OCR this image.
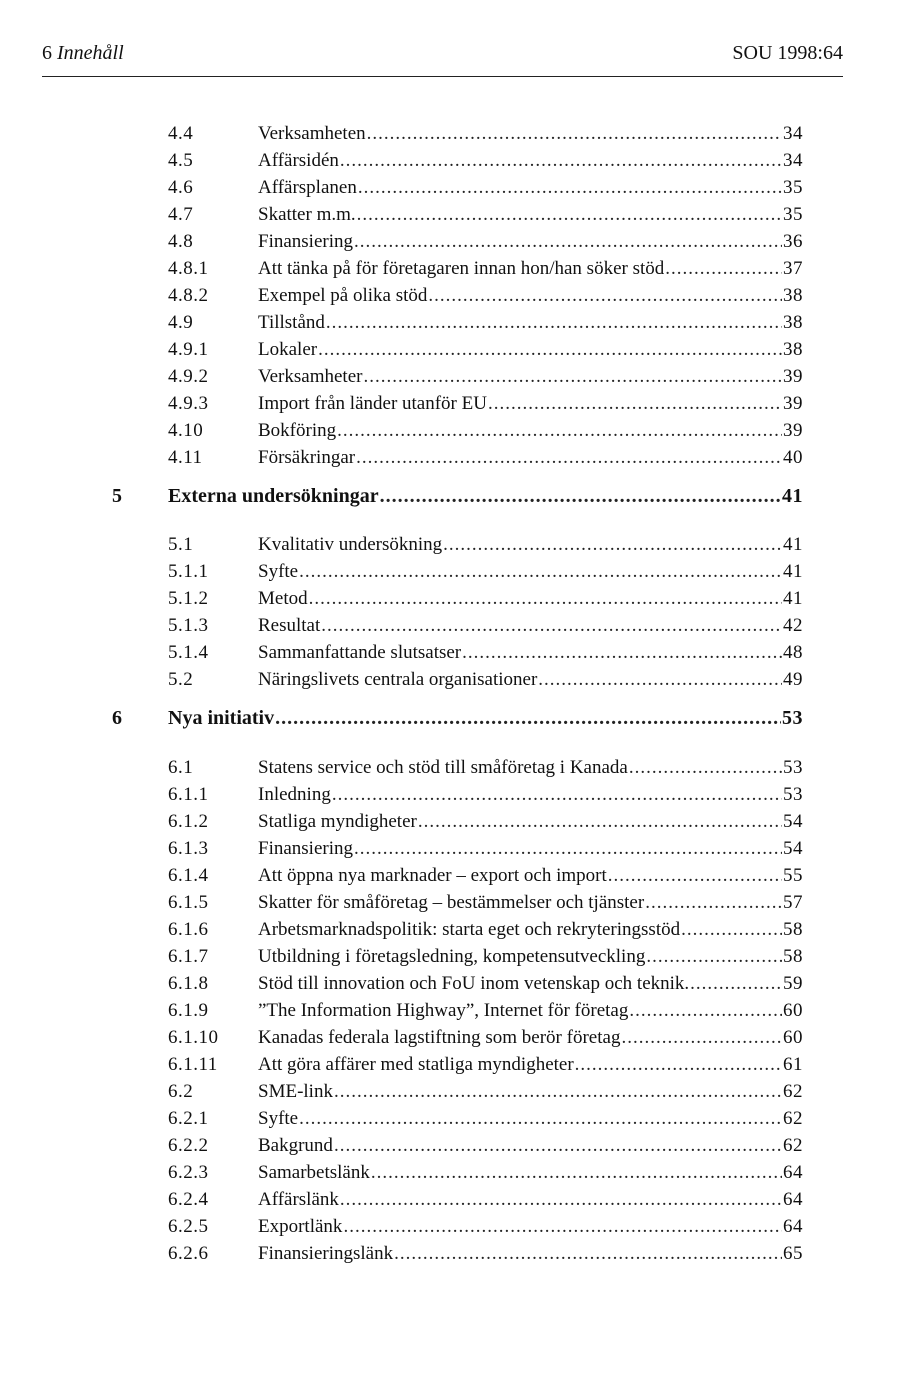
6 Innehåll	SOU 1998:64
4.4	Verksamheten .....	34
4.5	Affärsidén .....	34
4.6	Affärsplanen .....	35
4.7	Skatter m.m. .....	35
4.8	Finansiering .....	36
4.8.1	Att tänka på för företagaren innan hon/han söker stöd .....	37
4.8.2	Exempel på olika stöd .....	38
4.9	Tillstånd .....	38
4.9.1	Lokaler .....	38
4.9.2	Verksamheter .....	39
4.9.3	Import från länder utanför EU .....	39
4.10	Bokföring .....	39
4.11	Försäkringar .....	40
5 Externa undersökningar .....	41
5.1	Kvalitativ undersökning .....	41
5.1.1	Syfte .....	41
5.1.2	Metod .....	41
5.1.3	Resultat .....	42
5.1.4	Sammanfattande slutsatser .....	48
5.2	Näringslivets centrala organisationer .....	49
6 Nya initiativ .....	53
6.1	Statens service och stöd till småföretag i Kanada .....	53
6.1.1	Inledning .....	53
6.1.2	Statliga myndigheter .....	54
6.1.3	Finansiering .....	54
6.1.4	Att öppna nya marknader – export och import .....	55
6.1.5	Skatter för småföretag – bestämmelser och tjänster .....	57
6.1.6	Arbetsmarknadspolitik: starta eget och rekryteringsstöd .....	58
6.1.7	Utbildning i företagsledning, kompetensutveckling .....	58
6.1.8	Stöd till innovation och FoU inom vetenskap och teknik. .....	59
6.1.9	”The Information Highway”, Internet för företag .....	60
6.1.10 Kanadas federala lagstiftning som berör företag .....	60
6.1.11 Att göra affärer med statliga myndigheter .....	61
6.2	SME-link .....	62
6.2.1	Syfte .....	62
6.2.2	Bakgrund .....	62
6.2.3	Samarbetslänk .....	64
6.2.4	Affärslänk .....	64
6.2.5	Exportlänk .....	64
6.2.6	Finansieringslänk .....	65
